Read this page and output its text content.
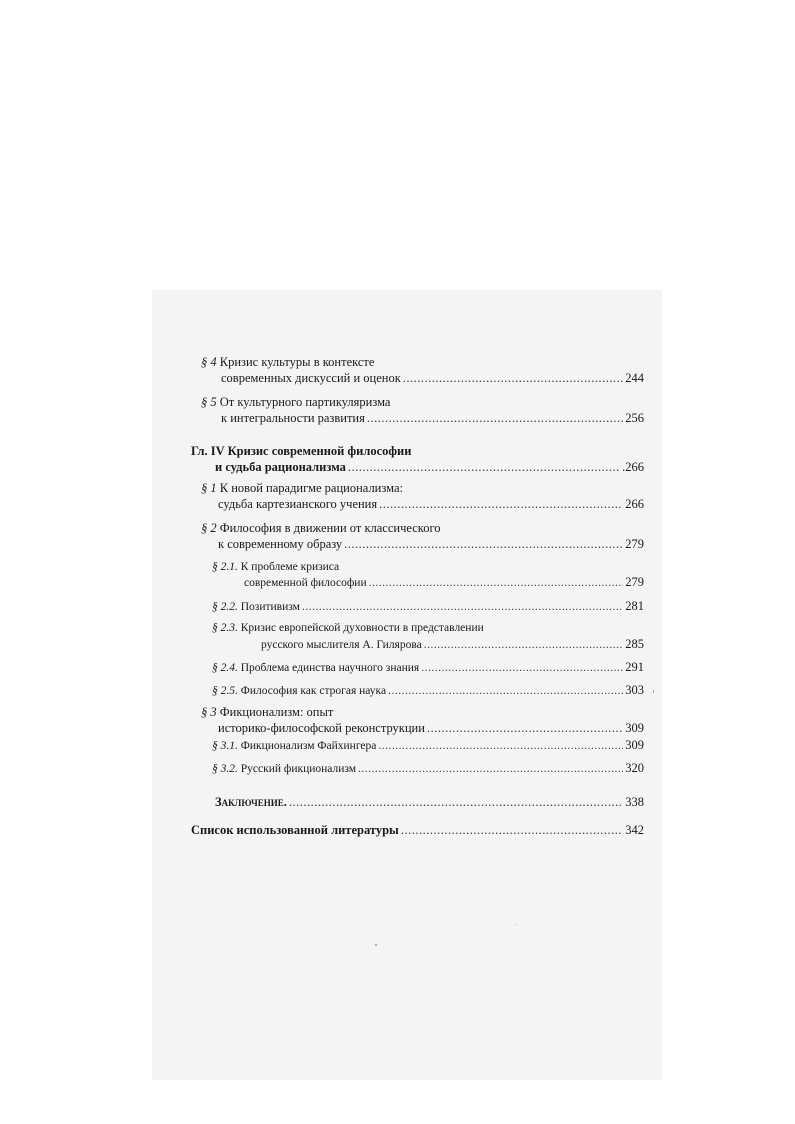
§ 4 Кризис культуры в контексте
современных дискуссий и оценок .....	244
§ 5 От культурного партикуляризма
к интегральности развития .....	256
Гл. IV Кризис современной философии
и судьба рационализма .....	.266
§ 1 К новой парадигме рационализма:
судьба картезианского учения .....	266
§ 2 Философия в движении от классического
к современному образу .....	279
§ 2.1. К проблеме кризиса
современной философии .....	279
§ 2.2. Позитивизм .....	281
§ 2.3. Кризис европейской духовности в представлении
русского мыслителя А. Гилярова .....	285
§ 2.4. Проблема единства научного знания .....	291
§ 2.5. Философия как строгая наука .....	303
§ 3 Фикционализм: опыт
историко-философской реконструкции .....	309
§ 3.1. Фикционализм Файхингера .....	309
§ 3.2. Русский фикционализм .....	320
Заключение. .....	338
Список использованной литературы .....	342
